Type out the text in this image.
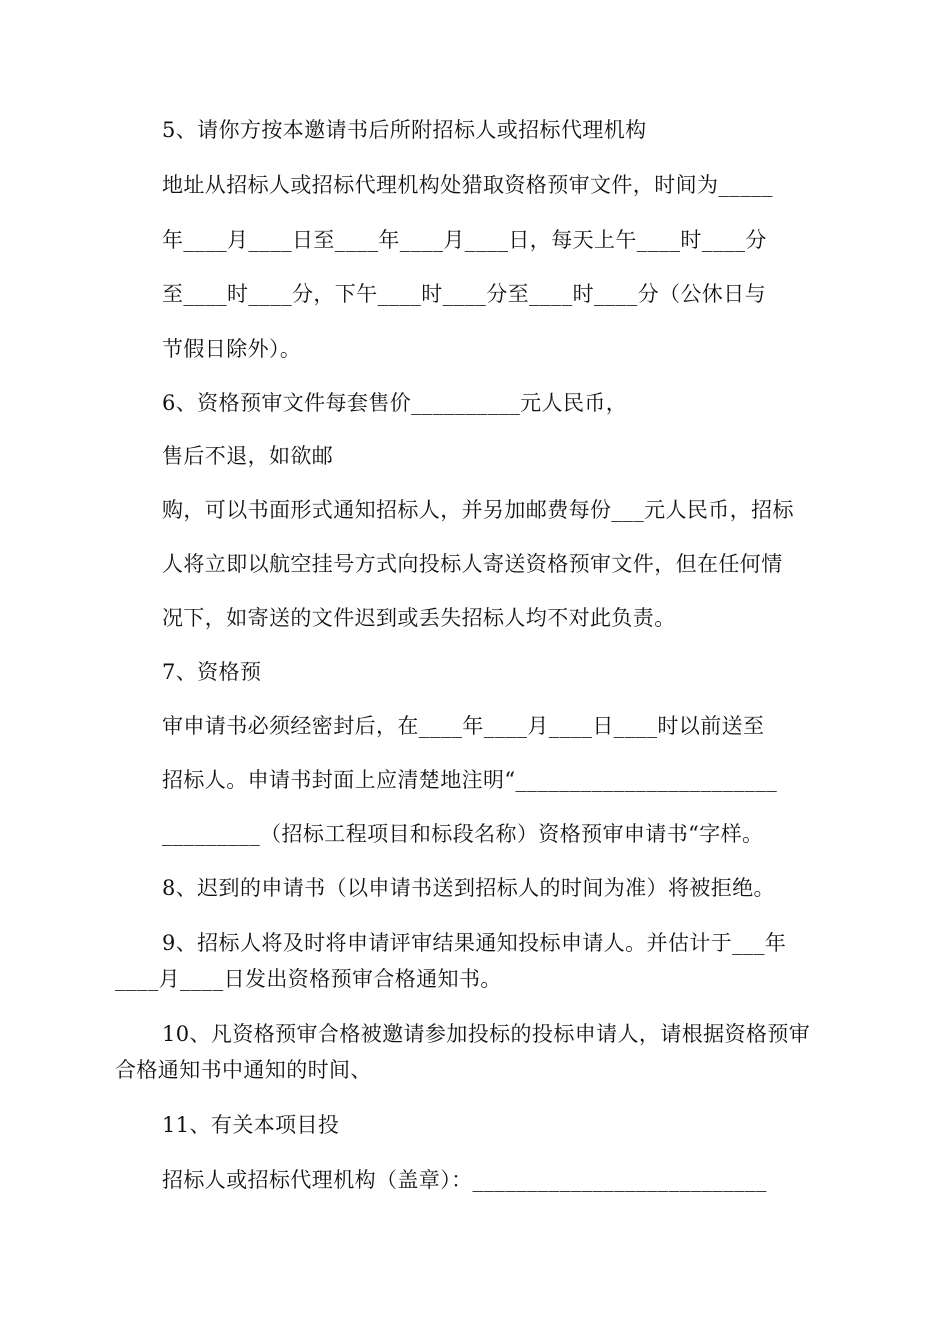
5、请你方按本邀请书后所附招标人或招标代理机构
地址从招标人或招标代理机构处猎取资格预审文件，时间为_____
年____月____日至____年____月____日，每天上午____时____分
至____时____分，下午____时____分至____时____分（公休日与
节假日除外）。
6、资格预审文件每套售价__________元人民币，
售后不退，如欲邮
购，可以书面形式通知招标人，并另加邮费每份___元人民币，招标
人将立即以航空挂号方式向投标人寄送资格预审文件，但在任何情
况下，如寄送的文件迟到或丢失招标人均不对此负责。
7、资格预
审申请书必须经密封后，在____年____月____日____时以前送至
招标人。申请书封面上应清楚地注明“________________________
_________（招标工程项目和标段名称）资格预审申请书“字样。
8、迟到的申请书（以申请书送到招标人的时间为准）将被拒绝。
9、招标人将及时将申请评审结果通知投标申请人。并估计于___年
____月____日发出资格预审合格通知书。
10、凡资格预审合格被邀请参加投标的投标申请人，请根据资格预审
合格通知书中通知的时间、
11、有关本项目投
招标人或招标代理机构（盖章）：___________________________
